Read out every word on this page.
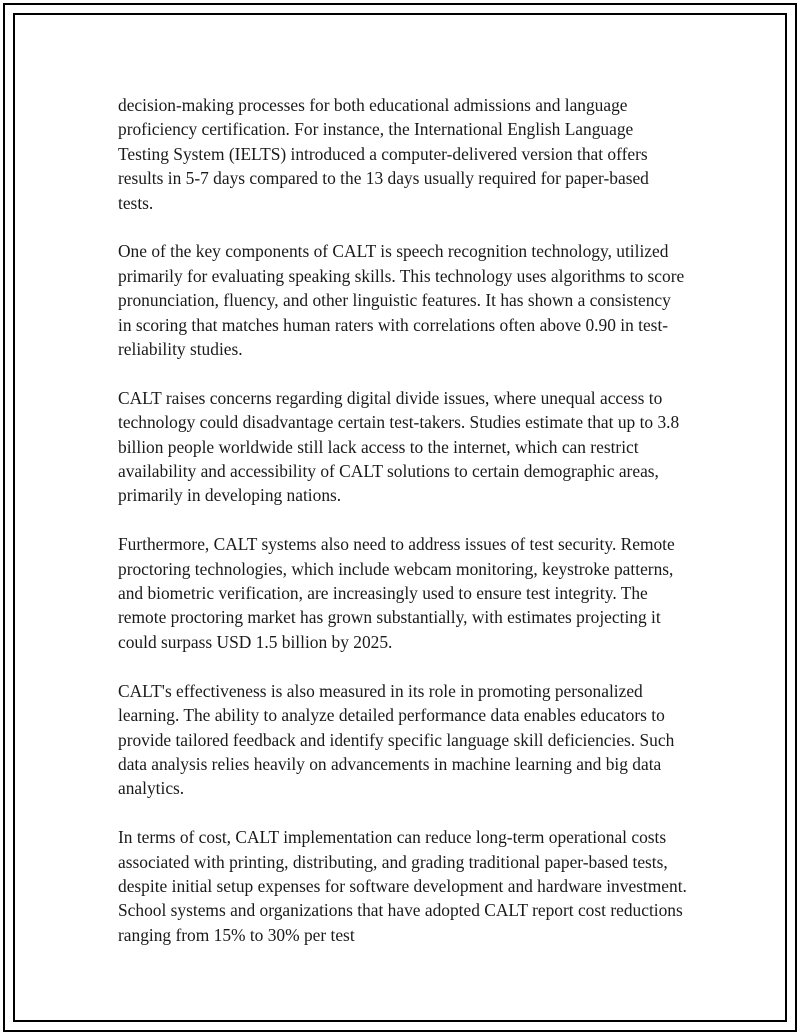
decision-making processes for both educational admissions and language proficiency certification. For instance, the International English Language Testing System (IELTS) introduced a computer-delivered version that offers results in 5-7 days compared to the 13 days usually required for paper-based tests.

One of the key components of CALT is speech recognition technology, utilized primarily for evaluating speaking skills. This technology uses algorithms to score pronunciation, fluency, and other linguistic features. It has shown a consistency in scoring that matches human raters with correlations often above 0.90 in test-reliability studies.

CALT raises concerns regarding digital divide issues, where unequal access to technology could disadvantage certain test-takers. Studies estimate that up to 3.8 billion people worldwide still lack access to the internet, which can restrict availability and accessibility of CALT solutions to certain demographic areas, primarily in developing nations.

Furthermore, CALT systems also need to address issues of test security. Remote proctoring technologies, which include webcam monitoring, keystroke patterns, and biometric verification, are increasingly used to ensure test integrity. The remote proctoring market has grown substantially, with estimates projecting it could surpass USD 1.5 billion by 2025.

CALT's effectiveness is also measured in its role in promoting personalized learning. The ability to analyze detailed performance data enables educators to provide tailored feedback and identify specific language skill deficiencies. Such data analysis relies heavily on advancements in machine learning and big data analytics.

In terms of cost, CALT implementation can reduce long-term operational costs associated with printing, distributing, and grading traditional paper-based tests, despite initial setup expenses for software development and hardware investment. School systems and organizations that have adopted CALT report cost reductions ranging from 15% to 30% per test
